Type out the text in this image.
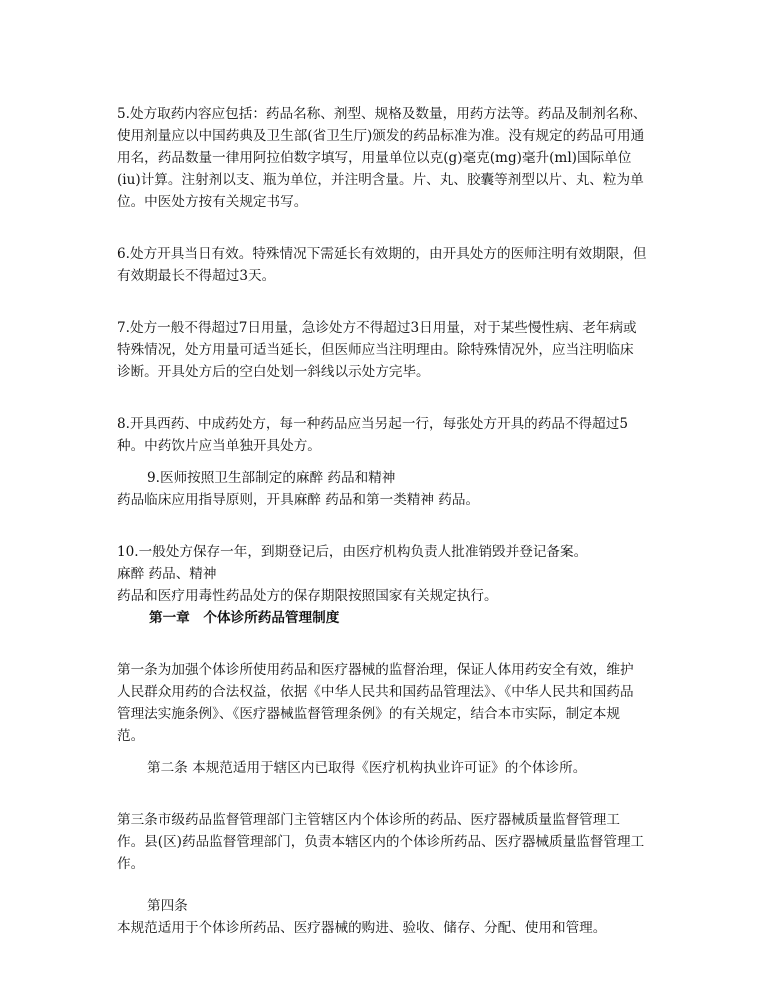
5.处方取药内容应包括：药品名称、剂型、规格及数量，用药方法等。药品及制剂名称、使用剂量应以中国药典及卫生部(省卫生厅)颁发的药品标准为准。没有规定的药品可用通用名，药品数量一律用阿拉伯数字填写，用量单位以克(g)毫克(mg)毫升(ml)国际单位(iu)计算。注射剂以支、瓶为单位，并注明含量。片、丸、胶囊等剂型以片、丸、粒为单位。中医处方按有关规定书写。

6.处方开具当日有效。特殊情况下需延长有效期的，由开具处方的医师注明有效期限，但有效期最长不得超过3天。

7.处方一般不得超过7日用量，急诊处方不得超过3日用量，对于某些慢性病、老年病或特殊情况，处方用量可适当延长，但医师应当注明理由。除特殊情况外，应当注明临床诊断。开具处方后的空白处划一斜线以示处方完毕。

8.开具西药、中成药处方，每一种药品应当另起一行，每张处方开具的药品不得超过5种。中药饮片应当单独开具处方。

9.医师按照卫生部制定的麻醉 药品和精神
药品临床应用指导原则，开具麻醉 药品和第一类精神 药品。
10.一般处方保存一年，到期登记后，由医疗机构负责人批准销毁并登记备案。
麻醉 药品、精神
药品和医疗用毒性药品处方的保存期限按照国家有关规定执行。

第一章　个体诊所药品管理制度

第一条为加强个体诊所使用药品和医疗器械的监督治理，保证人体用药安全有效，维护人民群众用药的合法权益，依据《中华人民共和国药品管理法》、《中华人民共和国药品管理法实施条例》、《医疗器械监督管理条例》的有关规定，结合本市实际，制定本规范。

第二条 本规范适用于辖区内已取得《医疗机构执业许可证》的个体诊所。

第三条市级药品监督管理部门主管辖区内个体诊所的药品、医疗器械质量监督管理工作。县(区)药品监督管理部门，负责本辖区内的个体诊所药品、医疗器械质量监督管理工作。

第四条
本规范适用于个体诊所药品、医疗器械的购进、验收、储存、分配、使用和管理。
